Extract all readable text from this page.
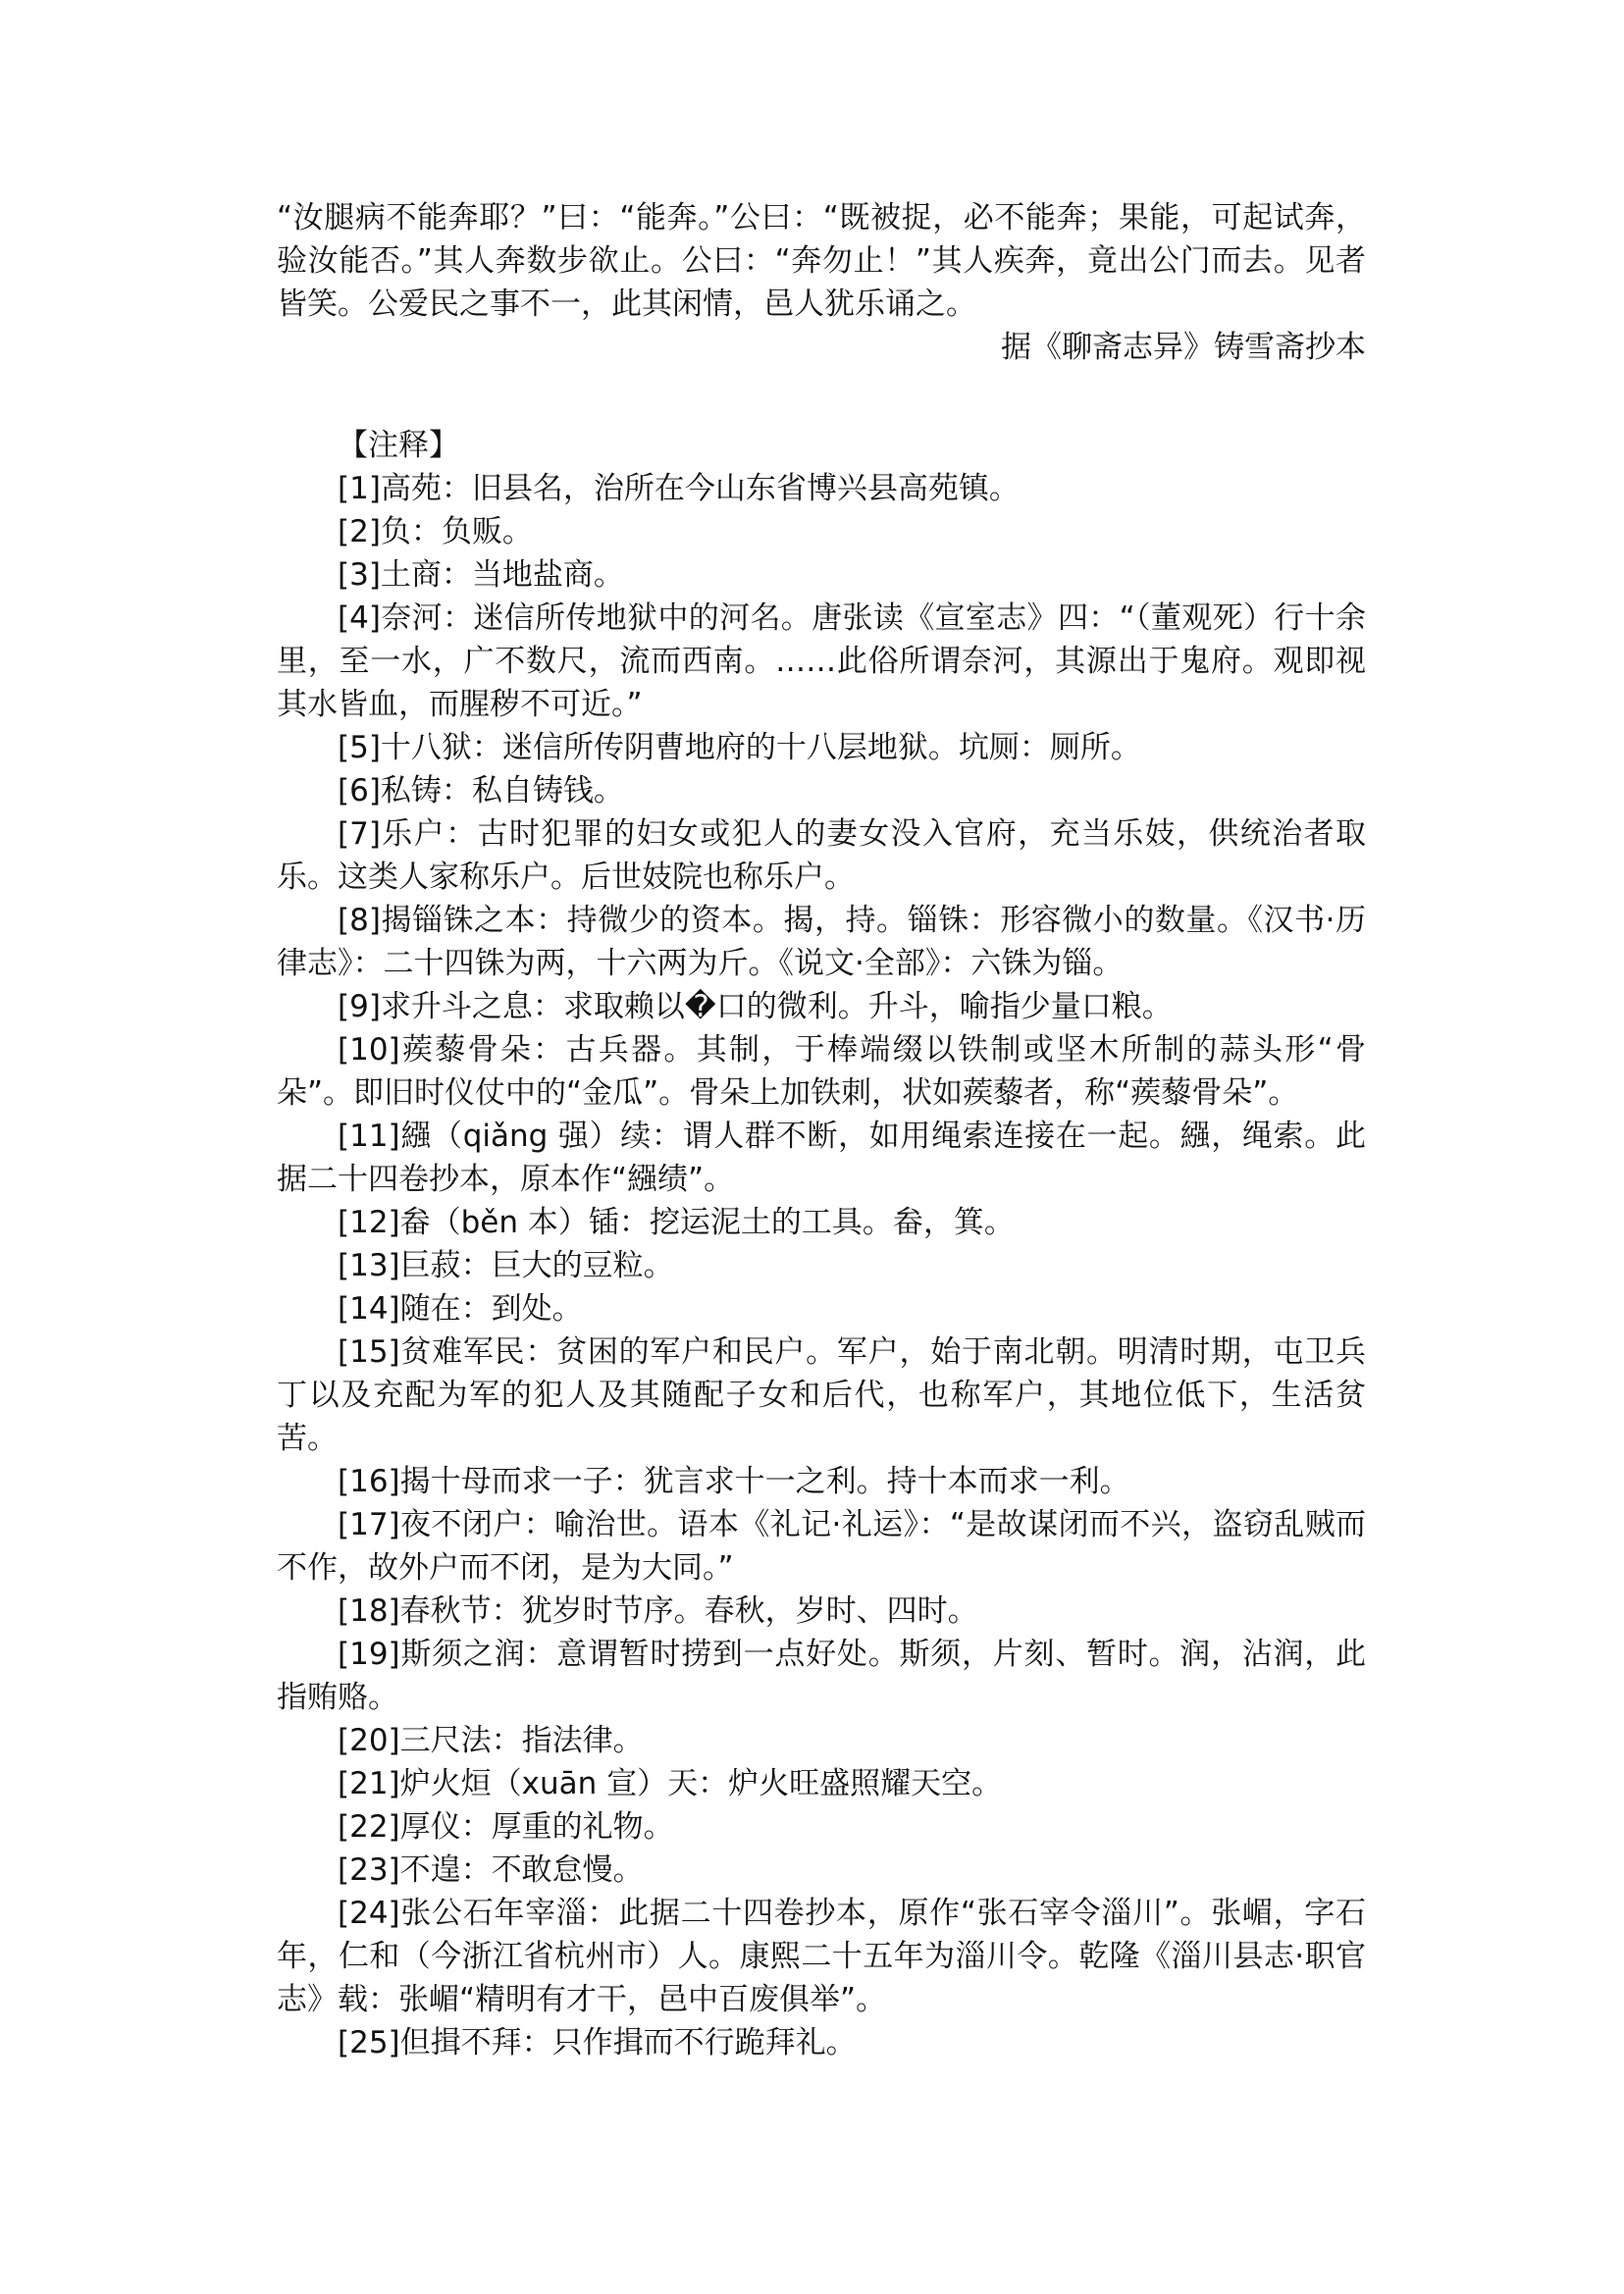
“汝腿病不能奔耶？”曰：“能奔。”公曰：“既被捉，必不能奔；果能，可起试奔，验汝能否。”其人奔数步欲止。公曰：“奔勿止！”其人疾奔，竟出公门而去。见者皆笑。公爱民之事不一，此其闲情，邑人犹乐诵之。

据《聊斋志异》铸雪斋抄本

【注释】

[1]高苑：旧县名，治所在今山东省博兴县高苑镇。

[2]负：负贩。

[3]土商：当地盐商。

[4]奈河：迷信所传地狱中的河名。唐张读《宣室志》四：“（董观死）行十余里，至一水，广不数尺，流而西南。……此俗所谓奈河，其源出于鬼府。观即视其水皆血，而腥秽不可近。”

[5]十八狱：迷信所传阴曹地府的十八层地狱。坑厕：厕所。

[6]私铸：私自铸钱。

[7]乐户：古时犯罪的妇女或犯人的妻女没入官府，充当乐妓，供统治者取乐。这类人家称乐户。后世妓院也称乐户。

[8]揭锱铢之本：持微少的资本。揭，持。锱铢：形容微小的数量。《汉书·历律志》：二十四铢为两，十六两为斤。《说文·全部》：六铢为锱。

[9]求升斗之息：求取赖以�口的微利。升斗，喻指少量口粮。

[10]蒺藜骨朵：古兵器。其制，于棒端缀以铁制或坚木所制的蒜头形“骨朵”。即旧时仪仗中的“金瓜”。骨朵上加铁刺，状如蒺藜者，称“蒺藜骨朵”。

[11]繦（qiǎng 强）续：谓人群不断，如用绳索连接在一起。繦，绳索。此据二十四卷抄本，原本作“繦绩”。

[12]畚（běn 本）锸：挖运泥土的工具。畚，箕。

[13]巨菽：巨大的豆粒。

[14]随在：到处。

[15]贫难军民：贫困的军户和民户。军户，始于南北朝。明清时期，屯卫兵丁以及充配为军的犯人及其随配子女和后代，也称军户，其地位低下，生活贫苦。

[16]揭十母而求一子：犹言求十一之利。持十本而求一利。

[17]夜不闭户：喻治世。语本《礼记·礼运》：“是故谋闭而不兴，盗窃乱贼而不作，故外户而不闭，是为大同。”

[18]春秋节：犹岁时节序。春秋，岁时、四时。

[19]斯须之润：意谓暂时捞到一点好处。斯须，片刻、暂时。润，沾润，此指贿赂。

[20]三尺法：指法律。

[21]炉火烜（xuān 宣）天：炉火旺盛照耀天空。

[22]厚仪：厚重的礼物。

[23]不遑：不敢怠慢。

[24]张公石年宰淄：此据二十四卷抄本，原作“张石宰令淄川”。张嵋，字石年，仁和（今浙江省杭州市）人。康熙二十五年为淄川令。乾隆《淄川县志·职官志》载：张嵋“精明有才干，邑中百废俱举”。

[25]但揖不拜：只作揖而不行跪拜礼。
